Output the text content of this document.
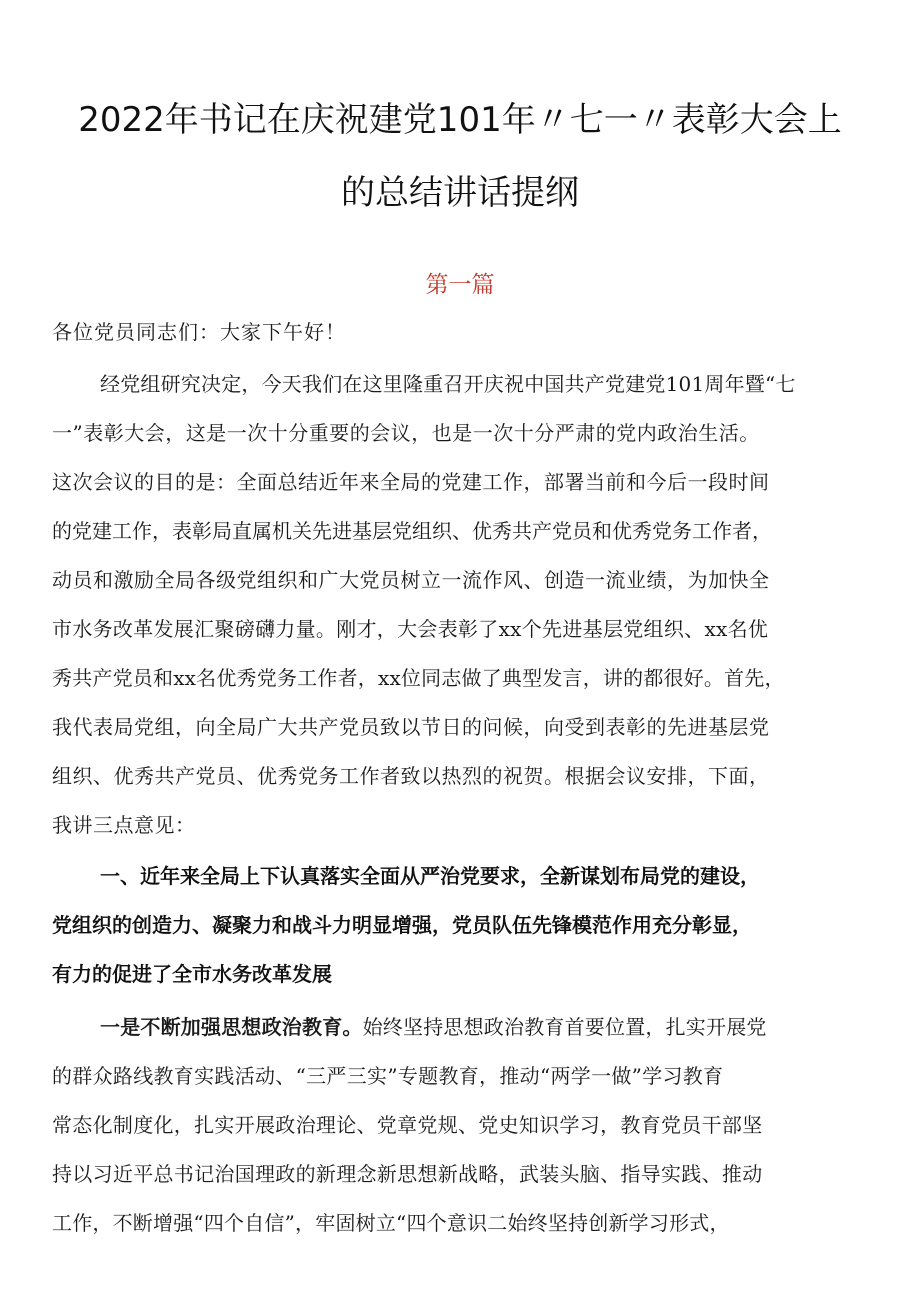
2022年书记在庆祝建党101年〃七一〃表彰大会上
的总结讲话提纲
第一篇
各位党员同志们：大家下午好！
经党组研究决定，今天我们在这里隆重召开庆祝中国共产党建党101周年暨“七
一”表彰大会，这是一次十分重要的会议，也是一次十分严肃的党内政治生活。
这次会议的目的是：全面总结近年来全局的党建工作，部署当前和今后一段时间
的党建工作，表彰局直属机关先进基层党组织、优秀共产党员和优秀党务工作者，
动员和激励全局各级党组织和广大党员树立一流作风、创造一流业绩，为加快全
市水务改革发展汇聚磅礴力量。刚才，大会表彰了xx个先进基层党组织、xx名优
秀共产党员和xx名优秀党务工作者，xx位同志做了典型发言，讲的都很好。首先，
我代表局党组，向全局广大共产党员致以节日的问候，向受到表彰的先进基层党
组织、优秀共产党员、优秀党务工作者致以热烈的祝贺。根据会议安排，下面，
我讲三点意见：
一、近年来全局上下认真落实全面从严治党要求，全新谋划布局党的建设，
党组织的创造力、凝聚力和战斗力明显增强，党员队伍先锋模范作用充分彰显，
有力的促进了全市水务改革发展
一是不断加强思想政治教育。始终坚持思想政治教育首要位置，扎实开展党
的群众路线教育实践活动、“三严三实”专题教育，推动“两学一做”学习教育
常态化制度化，扎实开展政治理论、党章党规、党史知识学习，教育党员干部坚
持以习近平总书记治国理政的新理念新思想新战略，武装头脑、指导实践、推动
工作，不断增强“四个自信”，牢固树立“四个意识二始终坚持创新学习形式，
